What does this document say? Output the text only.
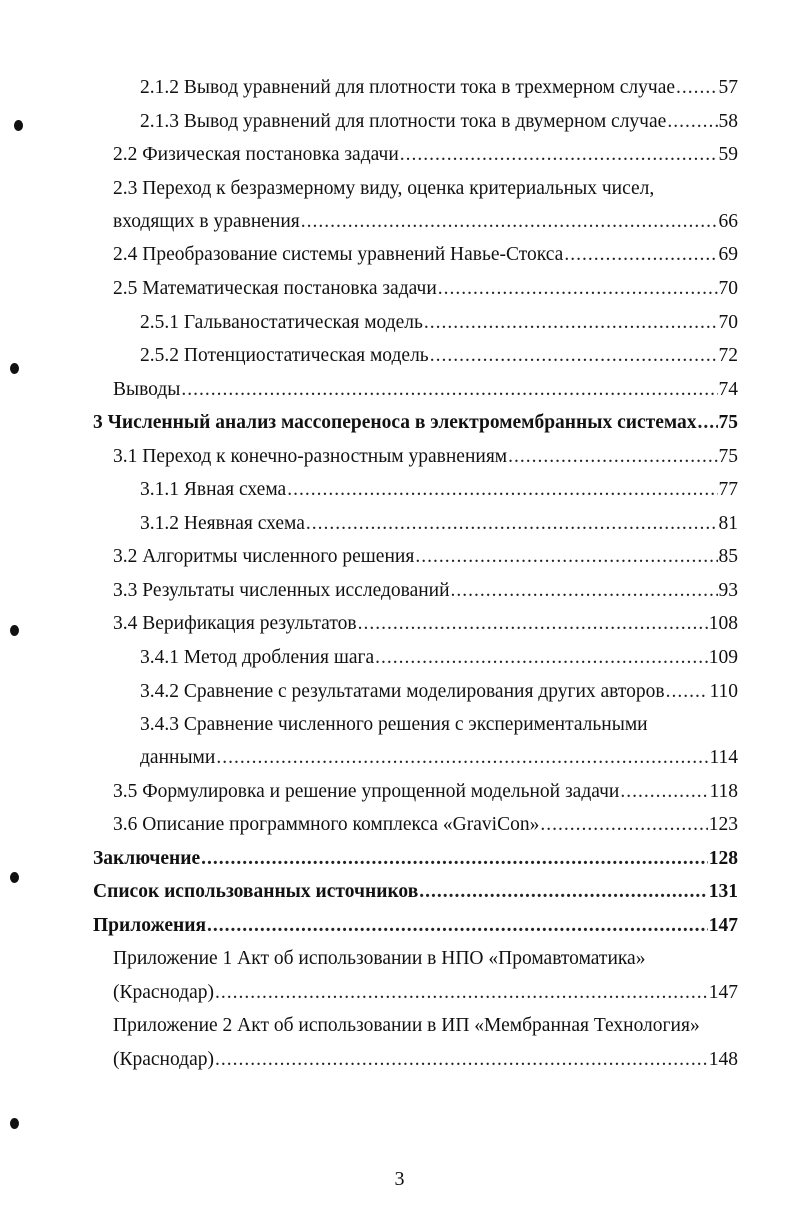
2.1.2 Вывод уравнений для плотности тока в трехмерном случае ..... 57
2.1.3 Вывод уравнений для плотности тока в двумерном случае .....	58
2.2 Физическая постановка задачи .....	59
2.3 Переход к безразмерному виду, оценка критериальных чисел,
входящих в уравнения .....	66
2.4 Преобразование системы уравнений Навье-Стокса .....	69
2.5 Математическая постановка задачи .....	70
2.5.1 Гальваностатическая модель .....	70
2.5.2 Потенциостатическая модель .....	72
Выводы .....	74
3 Численный анализ массопереноса в электромембранных системах ..... 75
3.1 Переход к конечно-разностным уравнениям .....	75
3.1.1 Явная схема .....	77
3.1.2 Неявная схема .....	81
3.2 Алгоритмы численного решения .....	85
3.3 Результаты численных исследований .....	93
3.4 Верификация результатов .....	108
3.4.1 Метод дробления шага .....	109
3.4.2 Сравнение с результатами моделирования других авторов ..... 110
3.4.3 Сравнение численного решения с экспериментальными
данными .....	114
3.5 Формулировка и решение упрощенной модельной задачи .....	118
3.6 Описание программного комплекса «GraviCon» .....	123
Заключение .....	128
Список использованных источников .....	131
Приложения .....	147
Приложение 1 Акт об использовании в НПО «Промавтоматика»
(Краснодар) .....	147
Приложение 2 Акт об использовании в ИП «Мембранная Технология»
(Краснодар) .....	148
3
